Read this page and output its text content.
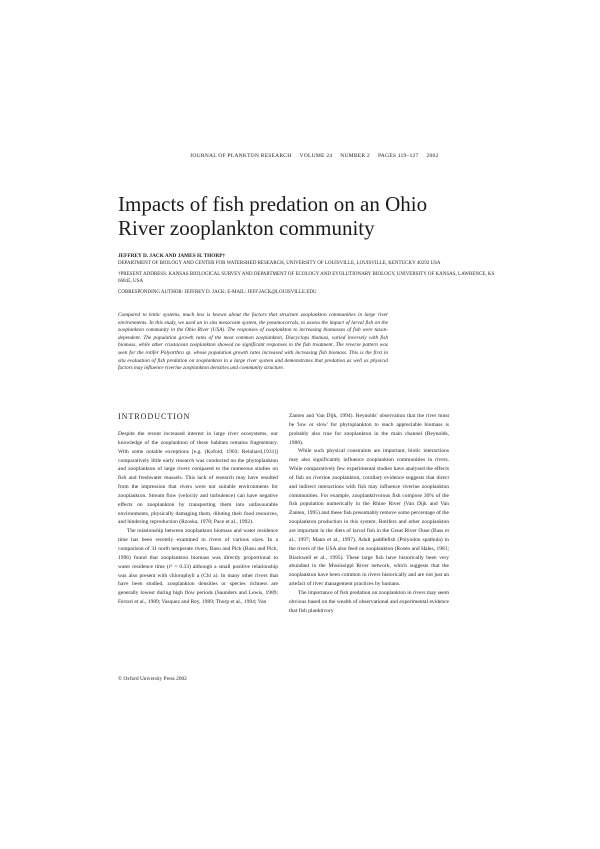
JOURNAL OF PLANKTON RESEARCH VOLUME 24 NUMBER 2 PAGES 119–127 2002
Impacts of fish predation on an Ohio River zooplankton community

JEFFREY D. JACK AND JAMES H. THORP†

DEPARTMENT OF BIOLOGY AND CENTER FOR WATERSHED RESEARCH, UNIVERSITY OF LOUISVILLE, LOUISVILLE, KENTUCKY 40292 USA

†PRESENT ADDRESS: KANSAS BIOLOGICAL SURVEY AND DEPARTMENT OF ECOLOGY AND EVOLUTIONARY BIOLOGY, UNIVERSITY OF KANSAS, LAWRENCE, KS 66045, USA

CORRESPONDING AUTHOR: JEFFREY D. JACK; E-MAIL: JEFF.JACK@LOUISVILLE.EDU

Compared to lentic systems, much less is known about the factors that structure zooplankton communities in large river environments. In this study, we used an in situ mesocosm system, the potamocorrals, to assess the impact of larval fish on the zooplankton community in the Ohio River (USA). The responses of zooplankton to increasing biomasses of fish were taxon-dependent. The population growth rates of the most common zooplankton, Diacyclops thomasi, varied inversely with fish biomass, while other crustacean zooplankton showed no significant responses to the fish treatment. The reverse pattern was seen for the rotifer Polyarthra sp. whose population growth rates increased with increasing fish biomass. This is the first in situ evaluation of fish predation on zooplankton in a large river system and demonstrates that predation as well as physical factors may influence riverine zooplankton densities and community structure.
INTRODUCTION

Despite the recent increased interest in large river ecosystems, our knowledge of the zooplankton of these habitats remains fragmentary. With some notable exceptions [e.g. (Kofoid, 1903; Reinhard,1931)] comparatively little early research was conducted on the phytoplankton and zooplankton of large rivers compared to the numerous studies on fish and freshwater mussels. This lack of research may have resulted from the impression that rivers were not suitable environments for zooplankton. Stream flow (velocity and turbulence) can have negative effects on zooplankton by transporting them into unfavourable environments, physically damaging them, diluting their food resources, and hindering reproduction (Rzoska, 1978; Pace et al., 1992).

The relationship between zooplankton biomass and water residence time has been recently examined in rivers of various sizes. In a comparison of 31 north temperate rivers, Basu and Pick (Basu and Pick, 1996) found that zooplankton biomass was directly proportional to water residence time (r² = 0.33) although a small positive relationship was also present with chlorophyll a (Chl a). In many other rivers that have been studied, zooplankton densities or species richness are generally lowest during high flow periods (Saunders and Lewis, 1989; Ferrari et al., 1989; Vasquez and Rey, 1989; Thorp et al., 1994; Van

Zanten and Van Dijk, 1994). Reynolds' observation that the river must be 'low or slow' for phytoplankton to reach appreciable biomass is probably also true for zooplankton in the main channel (Reynolds, 1988).

While such physical constraints are important, biotic interactions may also significantly influence zooplankton communities in rivers. While comparatively few experimental studies have analysed the effects of fish on riverine zooplankton, corollary evidence suggests that direct and indirect interactions with fish may influence riverine zooplankton communities. For example, zooplanktivorous fish compose 30% of the fish population numerically in the Rhine River (Van Dijk and Van Zanten, 1995) and these fish presumably remove some percentage of the zooplankton production in this system. Rotifers and other zooplankton are important in the diets of larval fish in the Great River Ouse (Bass et al., 1997; Mann et al., 1997). Adult paddlefish (Polyodon spathula) in the rivers of the USA also feed on zooplankton (Rosen and Hales, 1981; Blackwell et al., 1995). These large fish have historically been very abundant in the Mississippi River network, which suggests that the zooplankton have been common in rivers historically and are not just an artefact of river management practices by humans.

The importance of fish predation on zooplankton in rivers may seem obvious based on the wealth of observational and experimental evidence that fish planktivory

© Oxford University Press 2002
